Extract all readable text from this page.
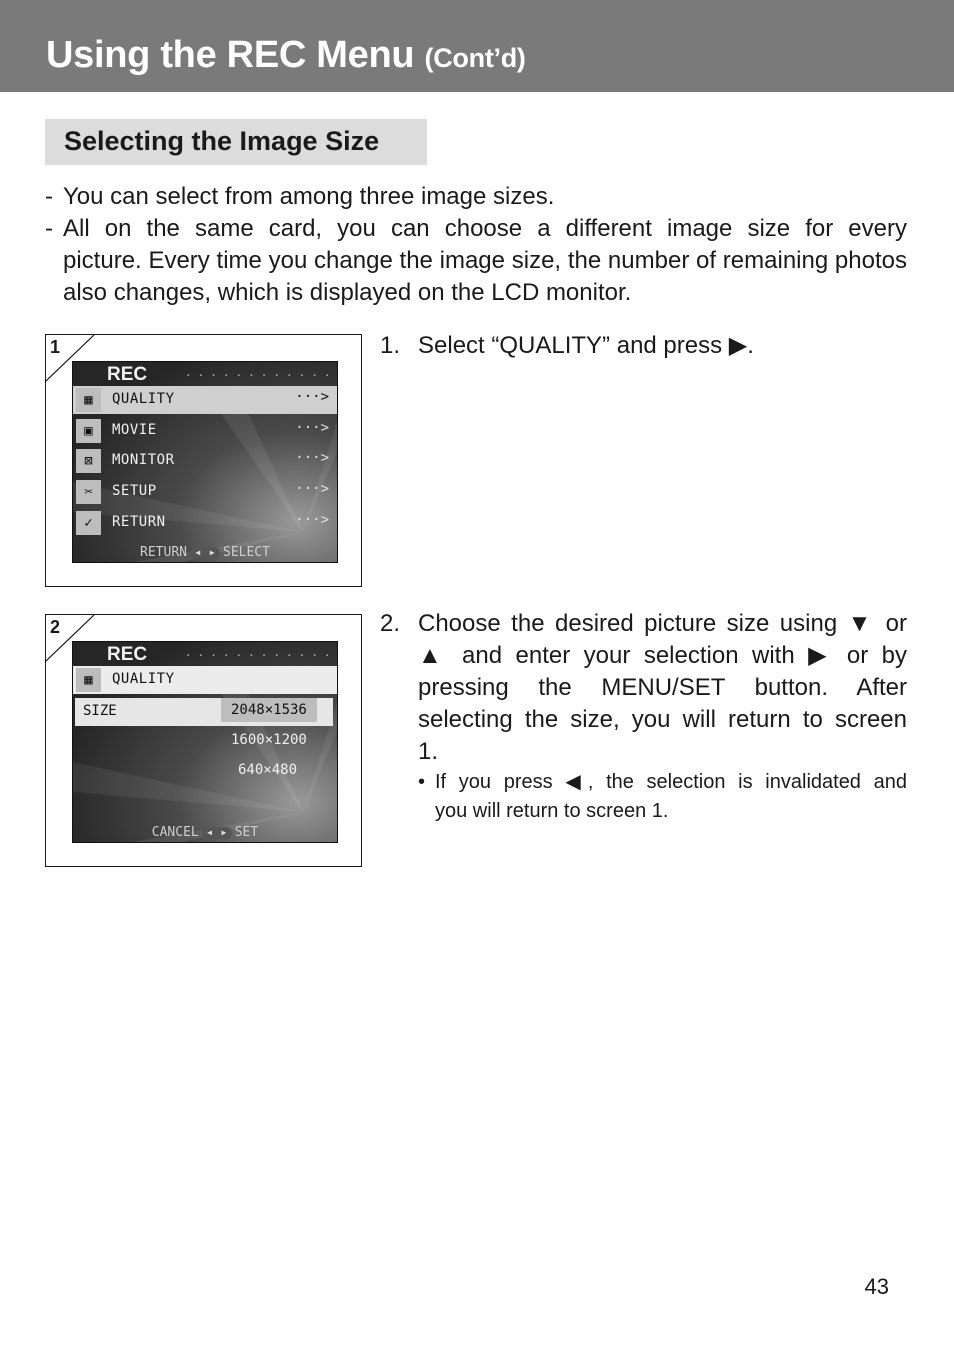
Using the REC Menu (Cont’d)
Selecting the Image Size
- You can select from among three image sizes.
- All on the same card, you can choose a different image size for every
picture. Every time you change the image size, the number of remaining photos also changes, which is displayed on the LCD monitor.
1
REC	············
▦	QUALITY	···>
▣	MOVIE	···>
⊠	MONITOR	···>
✂	SETUP	···>
✓	RETURN	···>
RETURN ◀  ▶ SELECT
2
REC	············
▦	QUALITY
SIZE	2048×1536
1600×1200
640×480
CANCEL ◀  ▶ SET
1. Select “QUALITY” and press ▶.
2. Choose the desired picture size using ▼ or
▲ and enter your selection with ▶ or by
pressing the MENU/SET button. After
selecting the size, you will return to screen
1.
• If you press ◀, the selection is invalidated and
you will return to screen 1.
43
